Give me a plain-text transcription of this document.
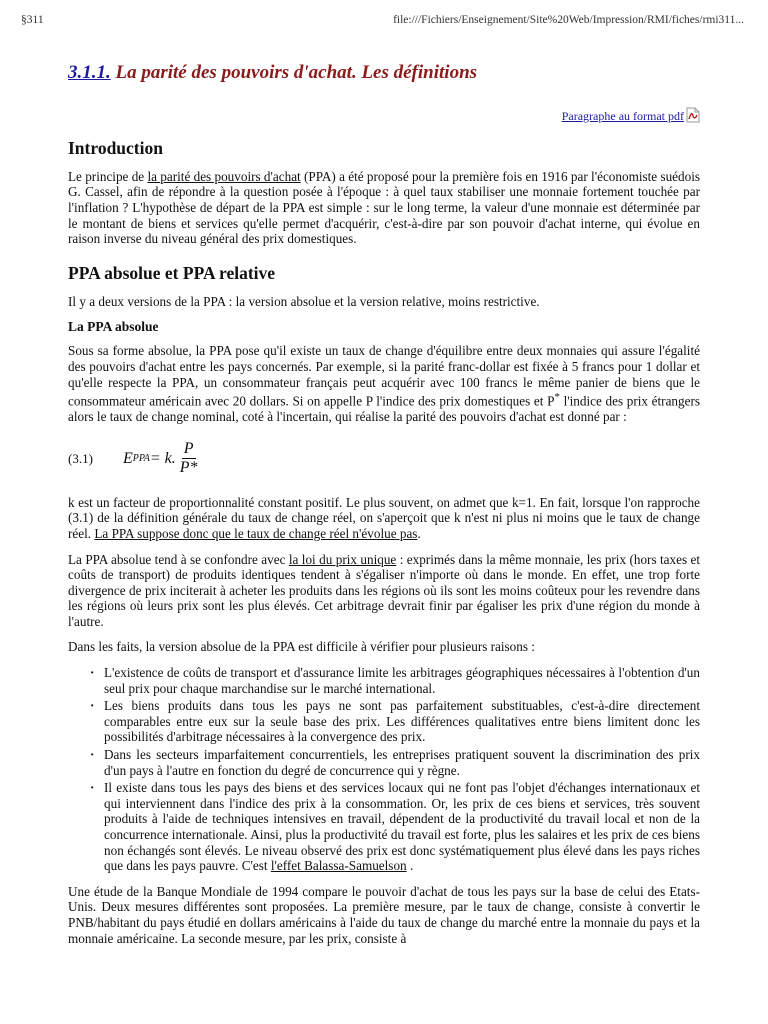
§311	file:///Fichiers/Enseignement/Site%20Web/Impression/RMI/fiches/rmi311...
3.1.1. La parité des pouvoirs d'achat. Les définitions
Paragraphe au format pdf
Introduction

Le principe de la parité des pouvoirs d'achat (PPA) a été proposé pour la première fois en 1916 par l'économiste suédois G. Cassel, afin de répondre à la question posée à l'époque : à quel taux stabiliser une monnaie fortement touchée par l'inflation ? L'hypothèse de départ de la PPA est simple : sur le long terme, la valeur d'une monnaie est déterminée par le montant de biens et services qu'elle permet d'acquérir, c'est-à-dire par son pouvoir d'achat interne, qui évolue en raison inverse du niveau général des prix domestiques.

PPA absolue et PPA relative

Il y a deux versions de la PPA : la version absolue et la version relative, moins restrictive.

La PPA absolue

Sous sa forme absolue, la PPA pose qu'il existe un taux de change d'équilibre entre deux monnaies qui assure l'égalité des pouvoirs d'achat entre les pays concernés. Par exemple, si la parité franc-dollar est fixée à 5 francs pour 1 dollar et qu'elle respecte la PPA, un consommateur français peut acquérir avec 100 francs le même panier de biens que le consommateur américain avec 20 dollars. Si on appelle P l'indice des prix domestiques et P* l'indice des prix étrangers alors le taux de change nominal, coté à l'incertain, qui réalise la parité des pouvoirs d'achat est donné par :

(3.1)	E PPA = k. $\frac{P}{P*}$

k est un facteur de proportionnalité constant positif. Le plus souvent, on admet que k=1. En fait, lorsque l'on rapproche (3.1) de la définition générale du taux de change réel, on s'aperçoit que k n'est ni plus ni moins que le taux de change réel. La PPA suppose donc que le taux de change réel n'évolue pas.

La PPA absolue tend à se confondre avec la loi du prix unique : exprimés dans la même monnaie, les prix (hors taxes et coûts de transport) de produits identiques tendent à s'égaliser n'importe où dans le monde. En effet, une trop forte divergence de prix inciterait à acheter les produits dans les régions où ils sont les moins coûteux pour les revendre dans les régions où leurs prix sont les plus élevés. Cet arbitrage devrait finir par égaliser les prix d'une région du monde à l'autre.

Dans les faits, la version absolue de la PPA est difficile à vérifier pour plusieurs raisons :

· L'existence de coûts de transport et d'assurance limite les arbitrages géographiques nécessaires à l'obtention d'un seul prix pour chaque marchandise sur le marché international.
· Les biens produits dans tous les pays ne sont pas parfaitement substituables, c'est-à-dire directement comparables entre eux sur la seule base des prix. Les différences qualitatives entre biens limitent donc les possibilités d'arbitrage nécessaires à la convergence des prix.
· Dans les secteurs imparfaitement concurrentiels, les entreprises pratiquent souvent la discrimination des prix d'un pays à l'autre en fonction du degré de concurrence qui y règne.
· Il existe dans tous les pays des biens et des services locaux qui ne font pas l'objet d'échanges internationaux et qui interviennent dans l'indice des prix à la consommation. Or, les prix de ces biens et services, très souvent produits à l'aide de techniques intensives en travail, dépendent de la productivité du travail local et non de la concurrence internationale. Ainsi, plus la productivité du travail est forte, plus les salaires et les prix de ces biens non échangés sont élevés. Le niveau observé des prix est donc systématiquement plus élevé dans les pays riches que dans les pays pauvre. C'est l'effet Balassa-Samuelson .

Une étude de la Banque Mondiale de 1994 compare le pouvoir d'achat de tous les pays sur la base de celui des Etats-Unis. Deux mesures différentes sont proposées. La première mesure, par le taux de change, consiste à convertir le PNB/habitant du pays étudié en dollars américains à l'aide du taux de change du marché entre la monnaie du pays et la monnaie américaine. La seconde mesure, par les prix, consiste à
